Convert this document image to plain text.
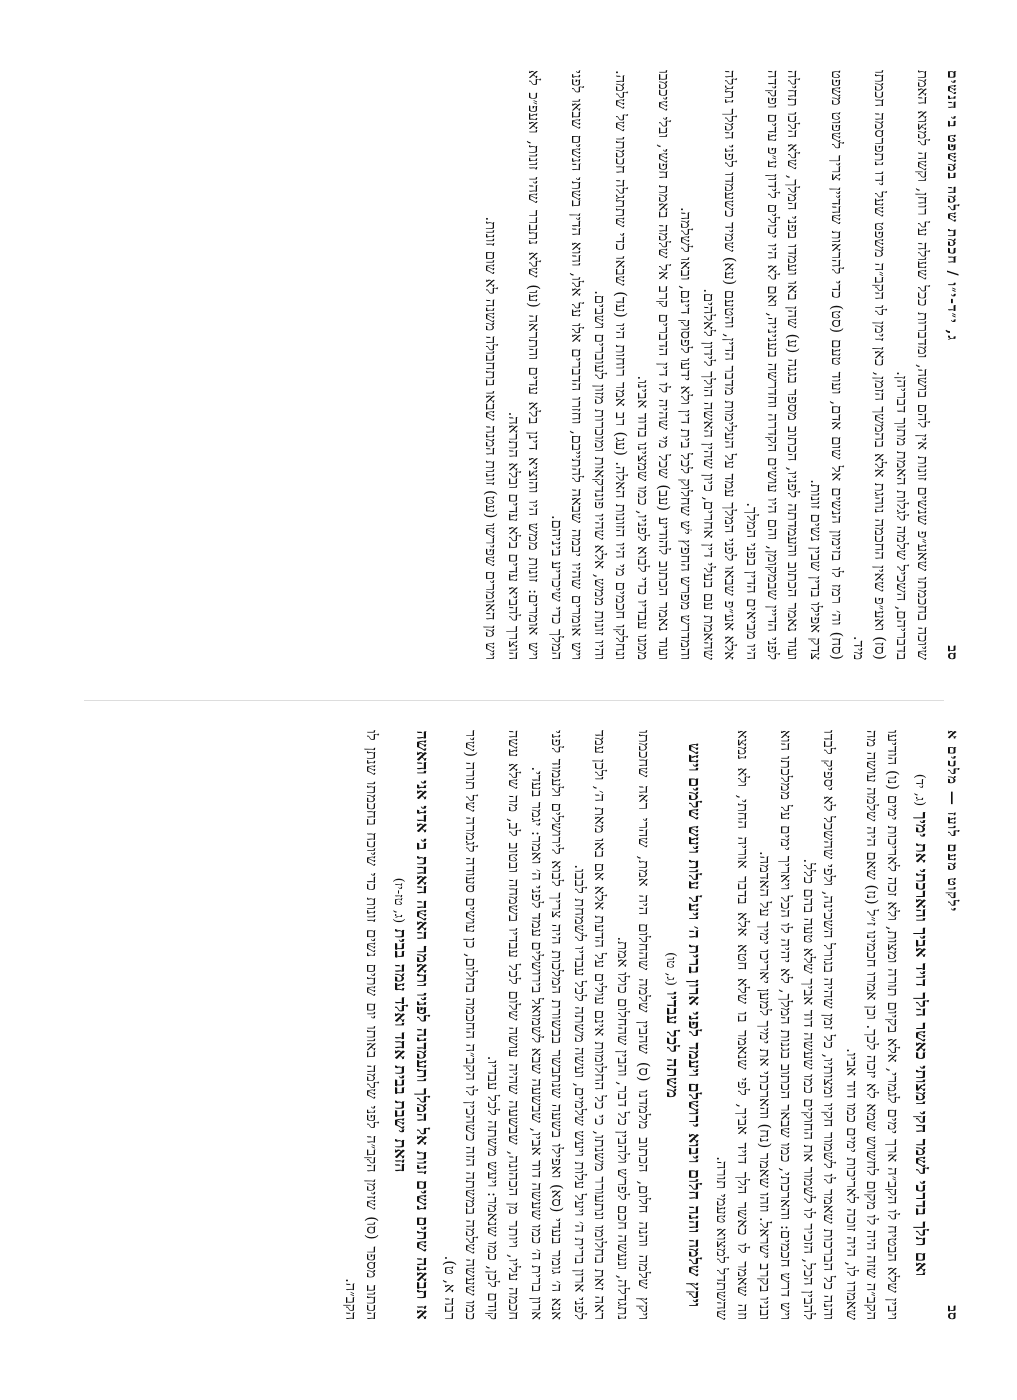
סב
ג, י״ד-י״ו / חכמת שלמה במשפט בי הנשים

שיוכה בחכמתו שאע״פ שנשים זונות אין להם בושה, ומדברות ככל שעולה על רוחן, וקשה למצוא האמת בדבריהם, השכיל שלמה לגלות האמת מתוך דבריהן.

(סז) ואע״פ שאין החכמה נוהגת אלא בהמשך הזמן, כאן זימן לו הקב״ה משפט שעל ידו נתפרסמה חכמתו מיד.

(סח) וה׳ רמז לו בזימון הנשים אל שום אדם, ועוד טעם (סט) כדי להראות שהדיין צריך לשפוט משפט צדק אפילו בדין שבין נשים זונות.

ועוד נאמר הכתוב והעמדתה לפניו, הכתוב מספר בגנה (ע) שהן באו ועמדו בפני המלך, שלא הלכו תחילה לפני הדיין שבמקומן, והם היו עושים הקדרה וחדרשה בעניניה, ואם לא היו יכולים לידון ע״פ עדים ופקידה היו מביאים הדין בפני המלך.

אלא אע״פ שבאו לפני המלך עמד על העלימות מדבר הדין, והטעם (עא) שמיד כשעמדו לפני המלך נתגלה שהאמת עם בעלי דין אחרים, כיון שהין האשה הולך לידון לאלהים.

והמדרש מפרש החפץ ישׁ שחלוק לכל בית דין ולא ידעו לפסוק דינם, ובאו לשלמה.

ועוד נאמר הכתוב להודיע (עב) שכל מי שהיה לו דין הדברים קרב אל שלמה באמת חפשי, ובלי שיכמבו ממנו עבדיו כדי לבוא לפניו, כמו שמצינו בדוד אבינו.

ונחלקו חכמים מי היו הזונות האלה. (עג) רב אמר רוחות היו (עד) שבאו כדי שתתגלה חכמתו של שלמה. והיו זונות ממש, אלא שהיו פונדקאות ומוכרות מזון לעוברים ושבים.

ויש אומרים שהיו יבמה שבאה להתייבם, וחזרו הדברים אלו על אלו, והוא הדין בשתי הנשים שבאו לפני המלך כדי שיכריע ביניהם.

ויש אומרים: זונות ממש היו והוציא דינן בלא עדים והתראה (עו) שלא נתברר שהיו זונות, ואעפ״כ לא הוצרך להביא עדים בלא עדים ובלא התראה.

ויש מן האומרים שפירשו (עט) זונות המנה שבאו בתחבולה משנה לא שום זונות.

סב
ילקוט מעם לועז — מלכים א
ואם תלך בדרכי לשמר חקי ומצותי כאשר הלך דויד אביך והארכתי את ימיך (ג, יד)

ויבין שלא הבטיח לו הקב״ה ארך ימים לגמרי, אלא בקיום תורה ומצות, ולא זכה לאריכות ימים (נו) הודיעו הקב״ה שזה היה לו מקום לחשוש שמא לא יזכה לכך. וכן אמרו חכמינו ז״ל (נז) שאם היה שלמה עושה מה שאמרו לו, היה זוכה לאריכות ימים כמו דוד אביו.

והנה כל הברכות שאמר לו לשמור חקיו ומצותיו, כל זמן שהיה בגורל השכינה, ולפי שהשכל לא יספיק לבדו להבין הכל, הזכיר לו לשמור את החוקים כמו שעשה דוד אביך שלא טעה בהם כלל.

ויש דרש חכמים: והארכתי, כמו שבאר הכתוב בגנות המלך, לא יהיה לו הכל ויאריך ימים על ממלכתו הוא ובניו בקרב ישראל. וזהו שאמר (נח) והארכתי את ימיך למען יאריכו ימיך על האדמה.

וזה שאמר לו כאשר הלך דויד אביך, לפי שנאמר בו שלא חטא אלא בדבר אוריה החתי, ולא נמצא שהשתדל למצוא טעמי תורה.

ויקץ שלמה והנה חלום ויבוא ירושלם ויעמד לפני ארון ברית ה׳ ויעל עלות ויעש שלמים ויעש משתה לכל עבדיו (ג, טו)

ויקץ שלמה והנה חלום, הכתוב מלמדנו (ס) שהבין שלמה שהחלום היה אמת, שהרי ראה שחכמתו נתגדלה, ונעשה חכם לפרש ולהבין כל דבר, והבין שהחלום כולו אמת.

ראה זאת בחלומו ונתעורר משנתו, כי כל החלומות אינם עולים על הדעת אלא אם באו מאת ה׳, ולכן עמד לפני ארון ברית ה׳ ויעל עלות ויעש שלמים, ועשה משתה לכל עבדיו לשמחת לבבו.

אנא ה׳ גומר בעדי (סא) ואפילו בשעה שנתבשר בבשורת המלכות היה צריך לבוא לירושלים ולעמוד לפני ארון ברית ה׳ כמו שעשה דוד אביו, שבשעה שבא לשמואל בירושלים עמד לפני ה׳ ואמר: יגמר בעדי.

חכמה עליו, ויותר מן הכהונה, שבשעה שהיה עושה שלום לכל עבדיו בשמחה ובטוב לב, מה שלא עשה קודם לכן, כמו שנאמר: ויעש משתה לכל עבדיו.

כמו שעשה שלמה במשתה הזה כשהכין לו הקב״ה החכמה בחלום, כן עושים סעודה לגמרה של תורה (שיר רבה א, ט).

אז תבאנה שתים נשים זנות אל המלך ותעמדנה לפניו ותאמר האשה האחת בי אדני אני והאשה הזאת ישבת בבית אחד ואלד עמה בבית (ג, טז-יז)

הכתוב מספר (סו) שזימן הקב״ה לפני שלמה באותו יום שתים נשים זונות כדי שיוכח בחכמתו שנתן לו הקב״ה.
